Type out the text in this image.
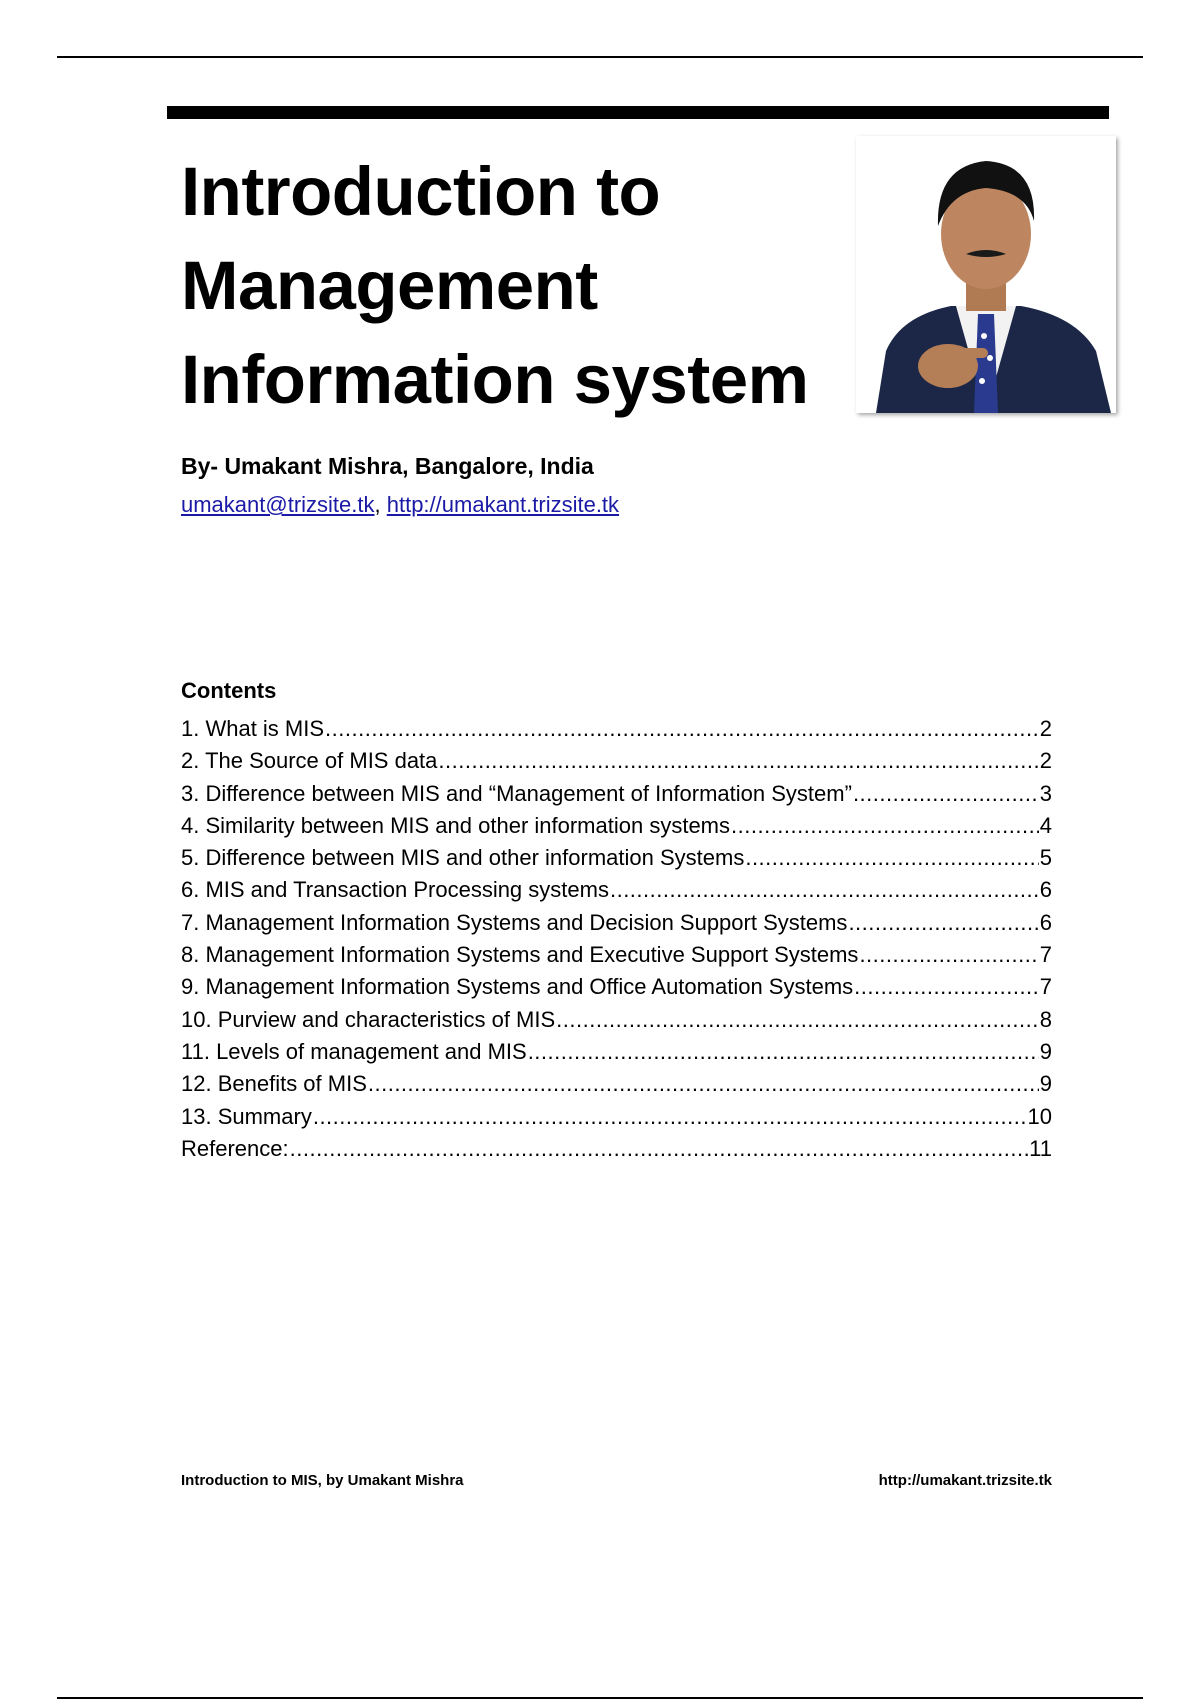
Introduction to
Management
Information system
By- Umakant Mishra, Bangalore, India
umakant@trizsite.tk, http://umakant.trizsite.tk
Contents
1. What is MIS .....	2
2. The Source of MIS data .....	2
3. Difference between MIS and “Management of Information System” .....	3
4. Similarity between MIS and other information systems .....	4
5. Difference between MIS and other information Systems .....	5
6. MIS and Transaction Processing systems .....	6
7. Management Information Systems and Decision Support Systems .....	6
8. Management Information Systems and Executive Support Systems .....	7
9. Management Information Systems and Office Automation Systems .....	7
10. Purview and characteristics of MIS .....	8
11. Levels of management and MIS .....	9
12. Benefits of MIS .....	9
13. Summary .....	10
Reference: .....	11
Introduction to MIS, by Umakant Mishra	http://umakant.trizsite.tk
